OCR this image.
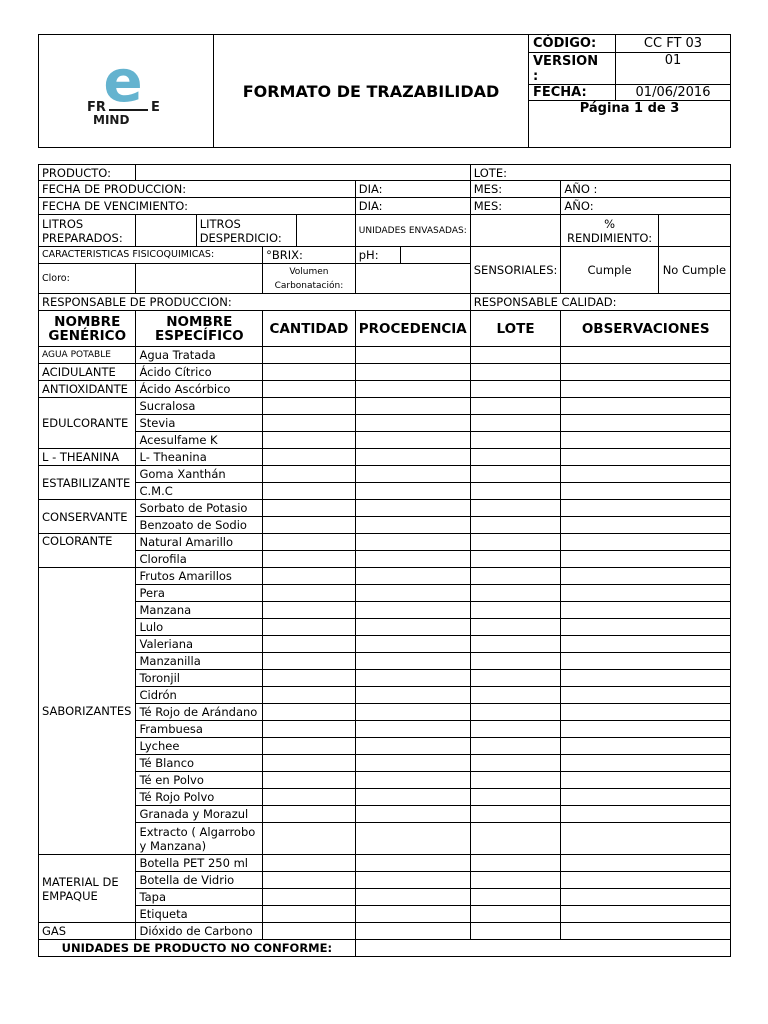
e
FR E
MIND	FORMATO DE TRAZABILIDAD	CÓDIGO:	CC FT 03
		VERSION
:	01
		FECHA:	01/06/2016
		Página 1 de 3	
PRODUCTO:							LOTE:		
FECHA DE PRODUCCION:					DIA:		MES:	AÑO :	
FECHA DE VENCIMIENTO:					DIA:		MES:	AÑO:	
LITROS PREPARADOS:		LITROS DESPERDICIO:			UNIDADES ENVASADAS:			% RENDIMIENTO:	
CARACTERISTICAS FISICOQUIMICAS:			°BRIX:		pH:		SENSORIALES:	Cumple	No Cumple
Cloro:			Volumen Carbonatación:						
RESPONSABLE DE PRODUCCION:							RESPONSABLE CALIDAD:		
NOMBRE GENÉRICO	NOMBRE ESPECÍFICO		CANTIDAD		PROCEDENCIA		LOTE	OBSERVACIONES	
AGUA POTABLE	Agua Tratada								
ACIDULANTE	Ácido Cítrico								
ANTIOXIDANTE	Ácido Ascórbico								
EDULCORANTE	Sucralosa								
	Stevia								
	Acesulfame K								
L - THEANINA	L- Theanina								
ESTABILIZANTE	Goma Xanthán								
	C.M.C								
CONSERVANTE	Sorbato de Potasio								
	Benzoato de Sodio								
COLORANTE	Natural Amarillo								
	Clorofila								
SABORIZANTES	Frutos Amarillos								
	Pera								
	Manzana								
	Lulo								
	Valeriana								
	Manzanilla								
	Toronjil								
	Cidrón								
	Té Rojo de Arándano								
	Frambuesa								
	Lychee								
	Té Blanco								
	Té en Polvo								
	Té Rojo Polvo								
	Granada y Morazul								
	Extracto ( Algarrobo y Manzana)								
MATERIAL DE EMPAQUE	Botella PET 250 ml								
	Botella de Vidrio								
	Tapa								
	Etiqueta								
GAS	Dióxido de Carbono								
UNIDADES DE PRODUCTO NO CONFORME:									
